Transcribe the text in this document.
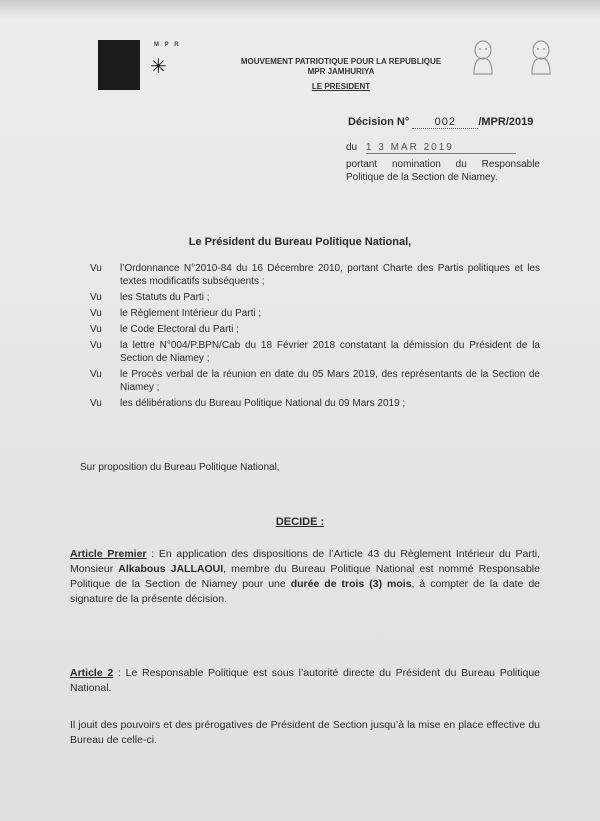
M P R
✳	MOUVEMENT PATRIOTIQUE POUR LA REPUBLIQUE
MPR JAMHURIYA
LE PRESIDENT
Décision N° 002 /MPR/2019
du 1 3 MAR 2019

portant nomination du Responsable Politique de la Section de Niamey.

Le Président du Bureau Politique National,
Vu	l’Ordonnance N°2010-84 du 16 Décembre 2010, portant Charte des Partis politiques et les textes modificatifs subséquents ;
Vu	les Statuts du Parti ;
Vu	le Règlement Intérieur du Parti ;
Vu	le Code Electoral du Parti ;
Vu	la lettre N°004/P.BPN/Cab du 18 Février 2018 constatant la démission du Président de la Section de Niamey ;
Vu	le Procès verbal de la réunion en date du 05 Mars 2019, des représentants de la Section de Niamey ;
Vu	les délibérations du Bureau Politique National du 09 Mars 2019 ;
Sur proposition du Bureau Politique National,
DECIDE :
Article Premier : En application des dispositions de l’Article 43 du Règlement Intérieur du Parti, Monsieur Alkabous JALLAOUI, membre du Bureau Politique National est nommé Responsable Politique de la Section de Niamey pour une durée de trois (3) mois, à compter de la date de signature de la présente décision.
Article 2 : Le Responsable Politique est sous l’autorité directe du Président du Bureau Politique National.
Il jouit des pouvoirs et des prérogatives de Président de Section jusqu’à la mise en place effective du Bureau de celle-ci.
